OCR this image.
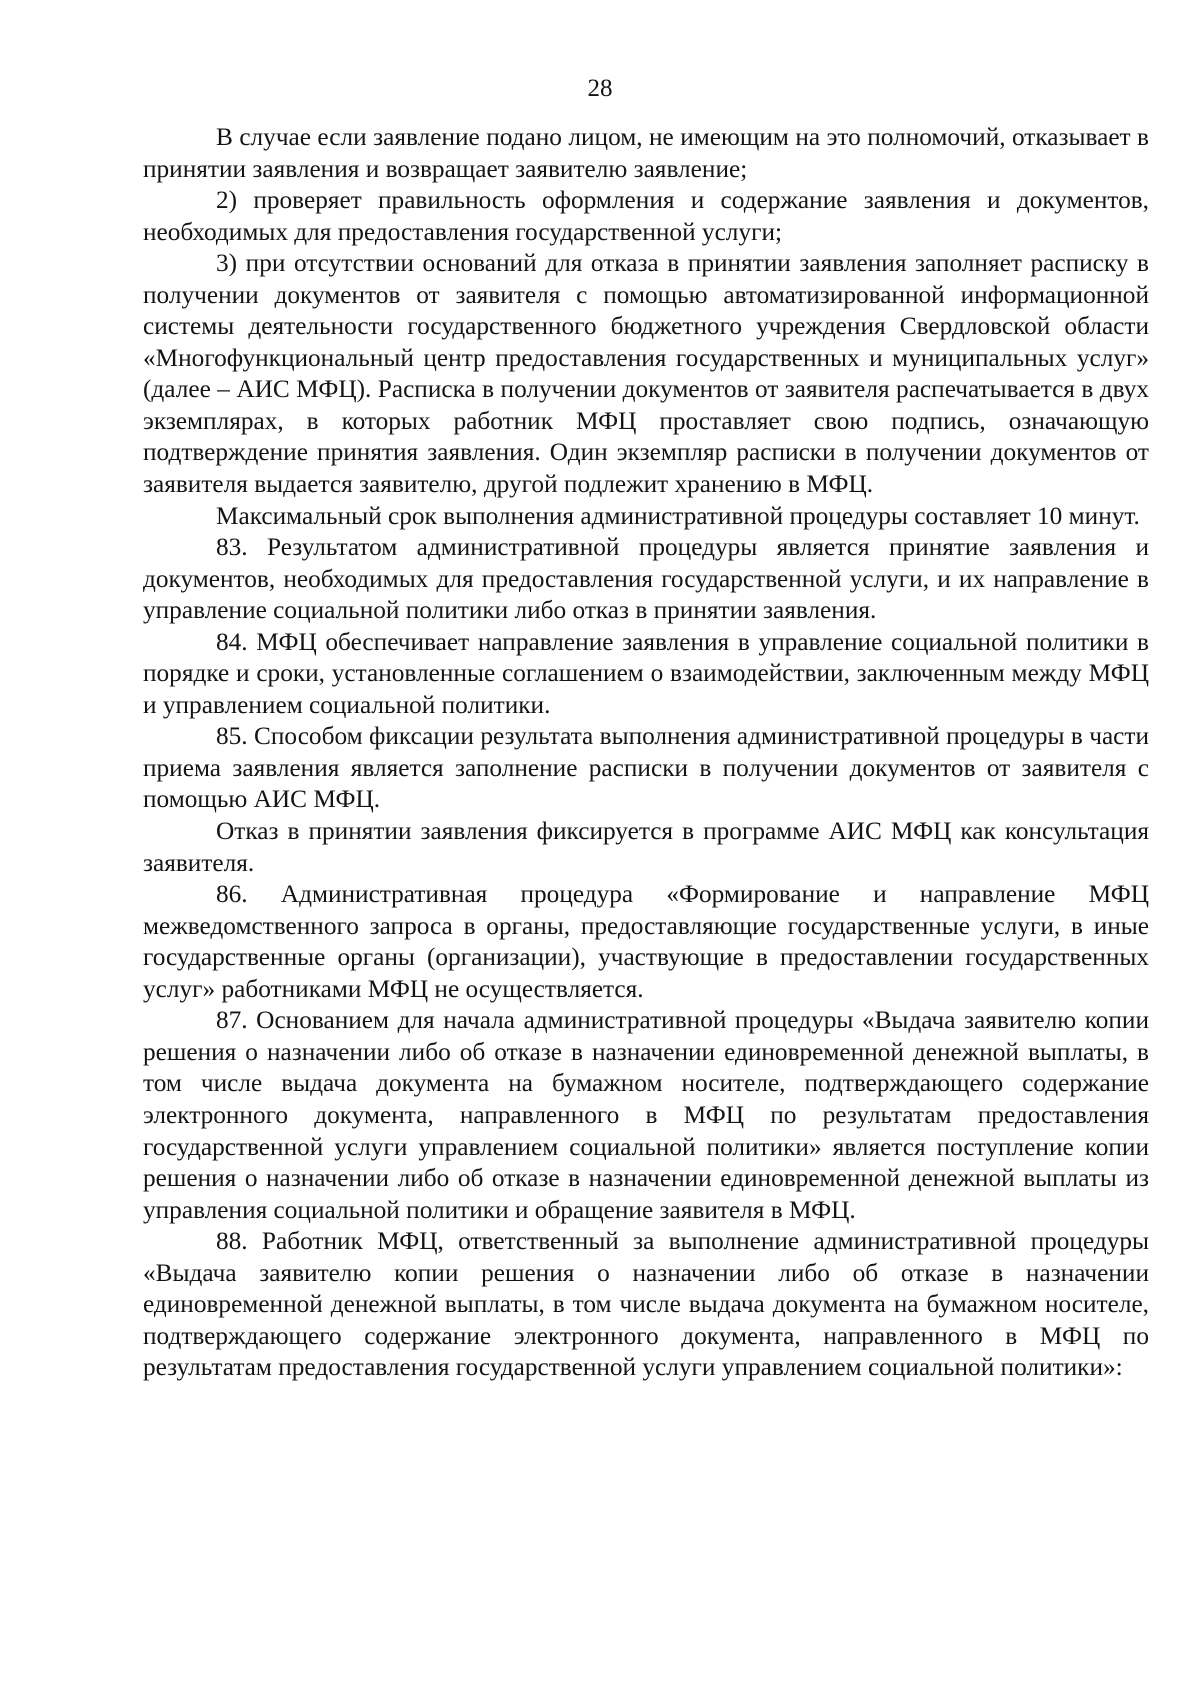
28

В случае если заявление подано лицом, не имеющим на это полномочий, отказывает в принятии заявления и возвращает заявителю заявление;

2) проверяет правильность оформления и содержание заявления и документов, необходимых для предоставления государственной услуги;

3) при отсутствии оснований для отказа в принятии заявления заполняет расписку в получении документов от заявителя с помощью автоматизированной информационной системы деятельности государственного бюджетного учреждения Свердловской области «Многофункциональный центр предоставления государственных и муниципальных услуг» (далее – АИС МФЦ). Расписка в получении документов от заявителя распечатывается в двух экземплярах, в которых работник МФЦ проставляет свою подпись, означающую подтверждение принятия заявления. Один экземпляр расписки в получении документов от заявителя выдается заявителю, другой подлежит хранению в МФЦ.

Максимальный срок выполнения административной процедуры составляет 10 минут.

83. Результатом административной процедуры является принятие заявления и документов, необходимых для предоставления государственной услуги, и их направление в управление социальной политики либо отказ в принятии заявления.

84. МФЦ обеспечивает направление заявления в управление социальной политики в порядке и сроки, установленные соглашением о взаимодействии, заключенным между МФЦ и управлением социальной политики.

85. Способом фиксации результата выполнения административной процедуры в части приема заявления является заполнение расписки в получении документов от заявителя с помощью АИС МФЦ.

Отказ в принятии заявления фиксируется в программе АИС МФЦ как консультация заявителя.

86. Административная процедура «Формирование и направление МФЦ межведомственного запроса в органы, предоставляющие государственные услуги, в иные государственные органы (организации), участвующие в предоставлении государственных услуг» работниками МФЦ не осуществляется.

87. Основанием для начала административной процедуры «Выдача заявителю копии решения о назначении либо об отказе в назначении единовременной денежной выплаты, в том числе выдача документа на бумажном носителе, подтверждающего содержание электронного документа, направленного в МФЦ по результатам предоставления государственной услуги управлением социальной политики» является поступление копии решения о назначении либо об отказе в назначении единовременной денежной выплаты из управления социальной политики и обращение заявителя в МФЦ.

88. Работник МФЦ, ответственный за выполнение административной процедуры «Выдача заявителю копии решения о назначении либо об отказе в назначении единовременной денежной выплаты, в том числе выдача документа на бумажном носителе, подтверждающего содержание электронного документа, направленного в МФЦ по результатам предоставления государственной услуги управлением социальной политики»:
